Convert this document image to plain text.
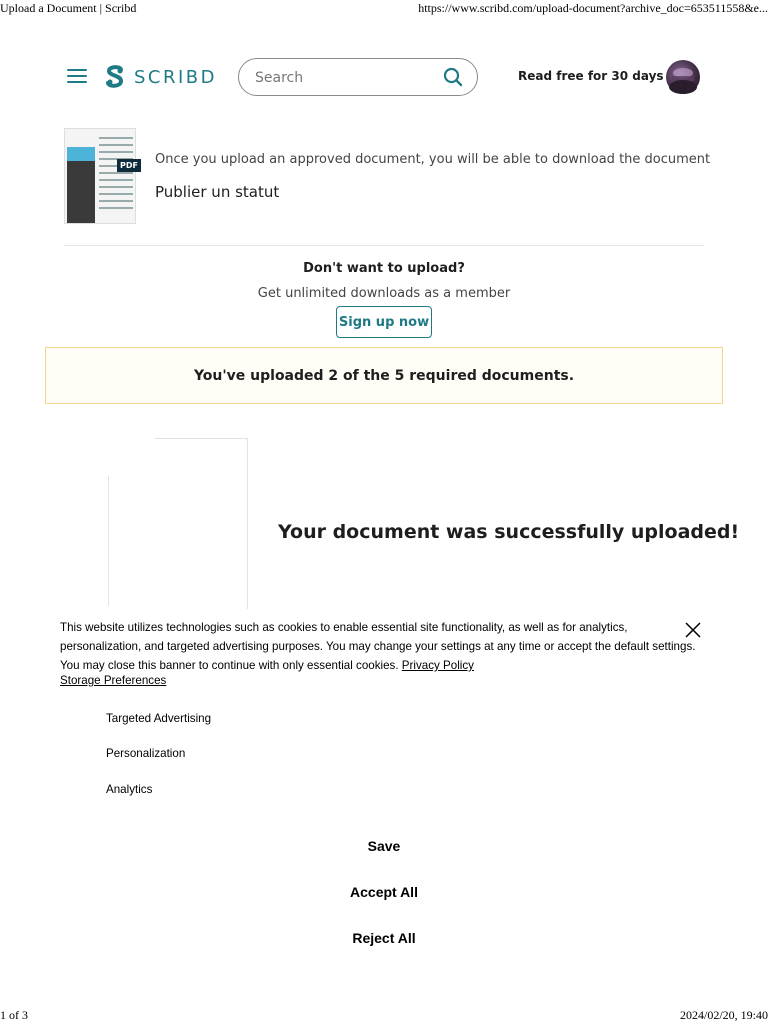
Upload a Document | Scribd	https://www.scribd.com/upload-document?archive_doc=653511558&e...
SCRIBD
Search	Read free for 30 days
PDF Once you upload an approved document, you will be able to download the document
Publier un statut
Don't want to upload?
Get unlimited downloads as a member
Sign up now
You've uploaded 2 of the 5 required documents.
Your document was successfully uploaded!
This website utilizes technologies such as cookies to enable essential site functionality, as well as for analytics, personalization, and targeted advertising purposes. You may change your settings at any time or accept the default settings. You may close this banner to continue with only essential cookies. Privacy Policy
Storage Preferences
Targeted Advertising
Personalization
Analytics
Save
Accept All
Reject All
1 of 3	2024/02/20, 19:40
